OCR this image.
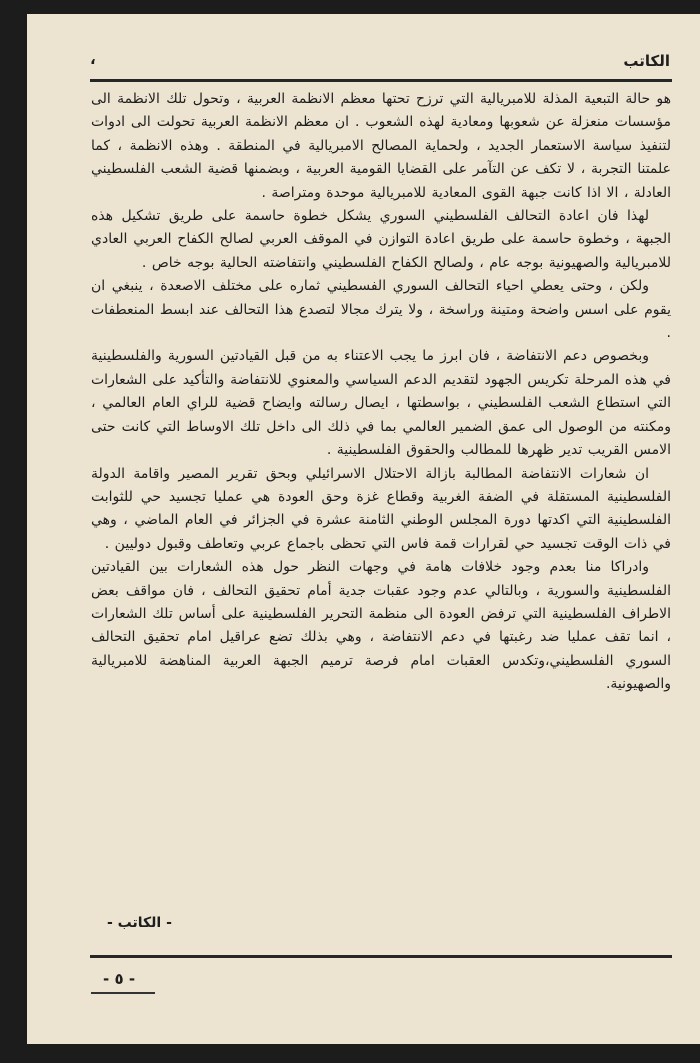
،	الكاتب

هو حالة التبعية المذلة للامبريالية التي ترزح تحتها معظم الانظمة العربية ، وتحول تلك الانظمة الى مؤسسات منعزلة عن شعوبها ومعادية لهذه الشعوب . ان معظم الانظمة العربية تحولت الى ادوات لتنفيذ سياسة الاستعمار الجديد ، ولحماية المصالح الامبريالية في المنطقة . وهذه الانظمة ، كما علمتنا التجربة ، لا تكف عن التآمر على القضايا القومية العربية ، وبضمنها قضية الشعب الفلسطيني العادلة ، الا اذا كانت جبهة القوى المعادية للامبريالية موحدة ومتراصة .

لهذا فان اعادة التحالف الفلسطيني السوري يشكل خطوة حاسمة على طريق تشكيل هذه الجبهة ، وخطوة حاسمة على طريق اعادة التوازن في الموقف العربي لصالح الكفاح العربي العادي للامبريالية والصهيونية بوجه عام ، ولصالح الكفاح الفلسطيني وانتفاضته الحالية بوجه خاص .

ولكن ، وحتى يعطي احياء التحالف السوري الفسطيني ثماره على مختلف الاصعدة ، ينبغي ان يقوم على اسس واضحة ومتينة وراسخة ، ولا يترك مجالا لتصدع هذا التحالف عند ابسط المنعطفات .

وبخصوص دعم الانتفاضة ، فان ابرز ما يجب الاعتناء به من قبل القيادتين السورية والفلسطينية في هذه المرحلة تكريس الجهود لتقديم الدعم السياسي والمعنوي للانتفاضة والتأكيد على الشعارات التي استطاع الشعب الفلسطيني ، بواسطتها ، ايصال رسالته وايضاح قضية للراي العام العالمي ، ومكنته من الوصول الى عمق الضمير العالمي بما في ذلك الى داخل تلك الاوساط التي كانت حتى الامس القريب تدير ظهرها للمطالب والحقوق الفلسطينية .

ان شعارات الانتفاضة المطالبة بازالة الاحتلال الاسرائيلي وبحق تقرير المصير واقامة الدولة الفلسطينية المستقلة في الضفة الغربية وقطاع غزة وحق العودة هي عمليا تجسيد حي للثوابت الفلسطينية التي اكدتها دورة المجلس الوطني الثامنة عشرة في الجزائر في العام الماضي ، وهي في ذات الوقت تجسيد حي لقرارات قمة فاس التي تحظى باجماع عربي وتعاطف وقبول دوليين .

وادراكا منا بعدم وجود خلافات هامة في وجهات النظر حول هذه الشعارات بين القيادتين الفلسطينية والسورية ، وبالتالي عدم وجود عقبات جدية أمام تحقيق التحالف ، فان مواقف بعض الاطراف الفلسطينية التي ترفض العودة الى منظمة التحرير الفلسطينية على أساس تلك الشعارات ، انما تقف عمليا ضد رغبتها في دعم الانتفاضة ، وهي بذلك تضع عراقيل امام تحقيق التحالف السوري الفلسطيني،وتكدس العقبات امام فرصة ترميم الجبهة العربية المناهضة للامبريالية والصهيونية.

- الكاتب -
- ٥ -
